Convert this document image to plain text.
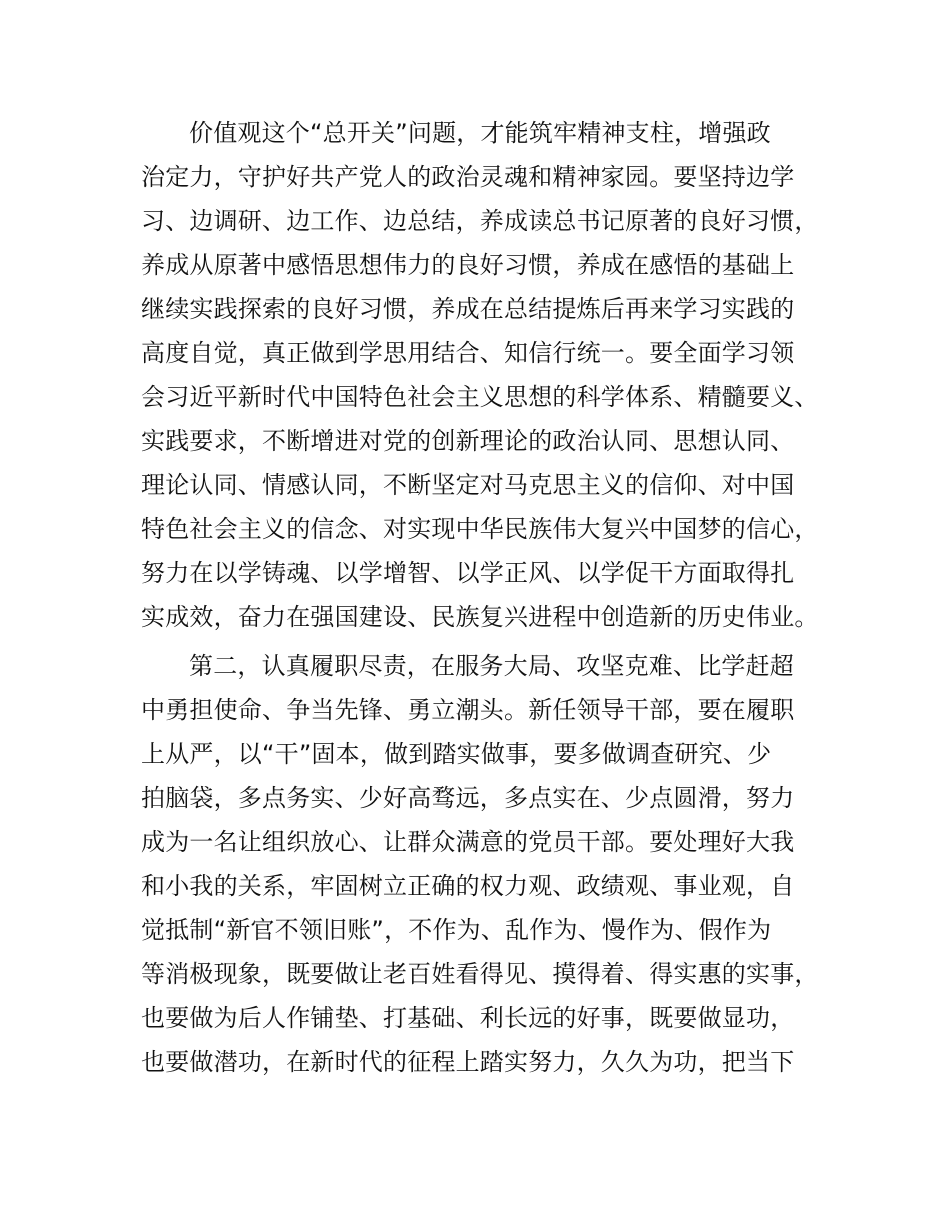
价值观这个“总开关”问题，才能筑牢精神支柱，增强政
治定力，守护好共产党人的政治灵魂和精神家园。要坚持边学
习、边调研、边工作、边总结，养成读总书记原著的良好习惯，
养成从原著中感悟思想伟力的良好习惯，养成在感悟的基础上
继续实践探索的良好习惯，养成在总结提炼后再来学习实践的
高度自觉，真正做到学思用结合、知信行统一。要全面学习领
会习近平新时代中国特色社会主义思想的科学体系、精髓要义、
实践要求，不断增进对党的创新理论的政治认同、思想认同、
理论认同、情感认同，不断坚定对马克思主义的信仰、对中国
特色社会主义的信念、对实现中华民族伟大复兴中国梦的信心，
努力在以学铸魂、以学增智、以学正风、以学促干方面取得扎
实成效，奋力在强国建设、民族复兴进程中创造新的历史伟业。
第二，认真履职尽责，在服务大局、攻坚克难、比学赶超
中勇担使命、争当先锋、勇立潮头。新任领导干部，要在履职
上从严，以“干”固本，做到踏实做事，要多做调查研究、少
拍脑袋，多点务实、少好高骛远，多点实在、少点圆滑，努力
成为一名让组织放心、让群众满意的党员干部。要处理好大我
和小我的关系，牢固树立正确的权力观、政绩观、事业观，自
觉抵制“新官不领旧账”，不作为、乱作为、慢作为、假作为
等消极现象，既要做让老百姓看得见、摸得着、得实惠的实事，
也要做为后人作铺垫、打基础、利长远的好事，既要做显功，
也要做潜功，在新时代的征程上踏实努力，久久为功，把当下
